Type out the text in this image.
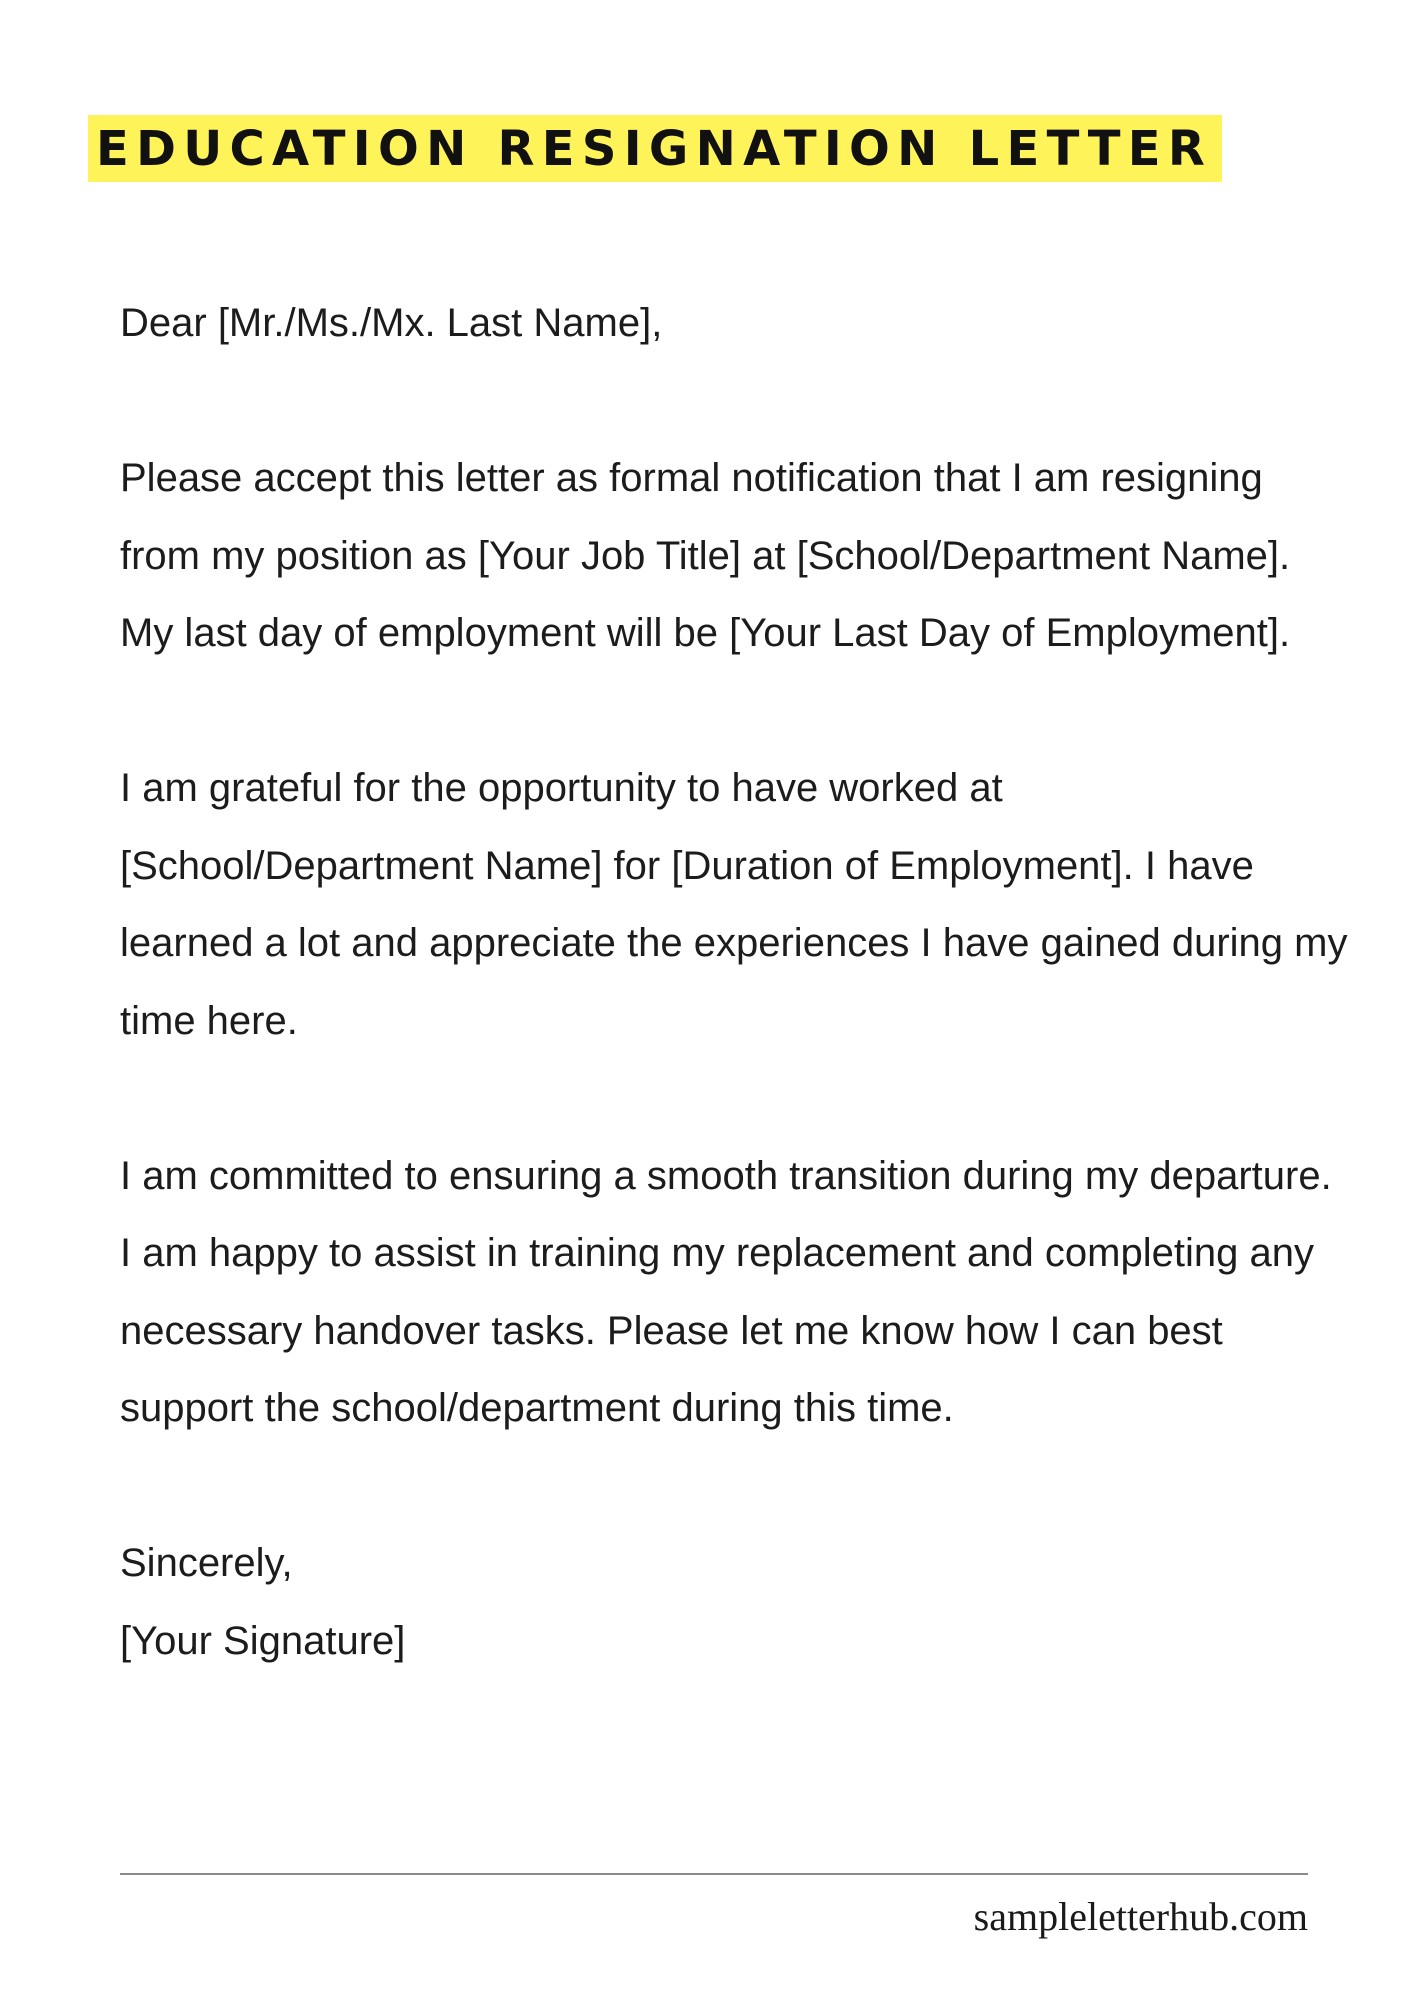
EDUCATION RESIGNATION LETTER

Dear [Mr./Ms./Mx. Last Name],

Please accept this letter as formal notification that I am resigning from my position as [Your Job Title] at [School/Department Name]. My last day of employment will be [Your Last Day of Employment].

I am grateful for the opportunity to have worked at [School/Department Name] for [Duration of Employment]. I have learned a lot and appreciate the experiences I have gained during my time here.

I am committed to ensuring a smooth transition during my departure. I am happy to assist in training my replacement and completing any necessary handover tasks. Please let me know how I can best support the school/department during this time.

Sincerely,
[Your Signature]

sampleletterhub.com
